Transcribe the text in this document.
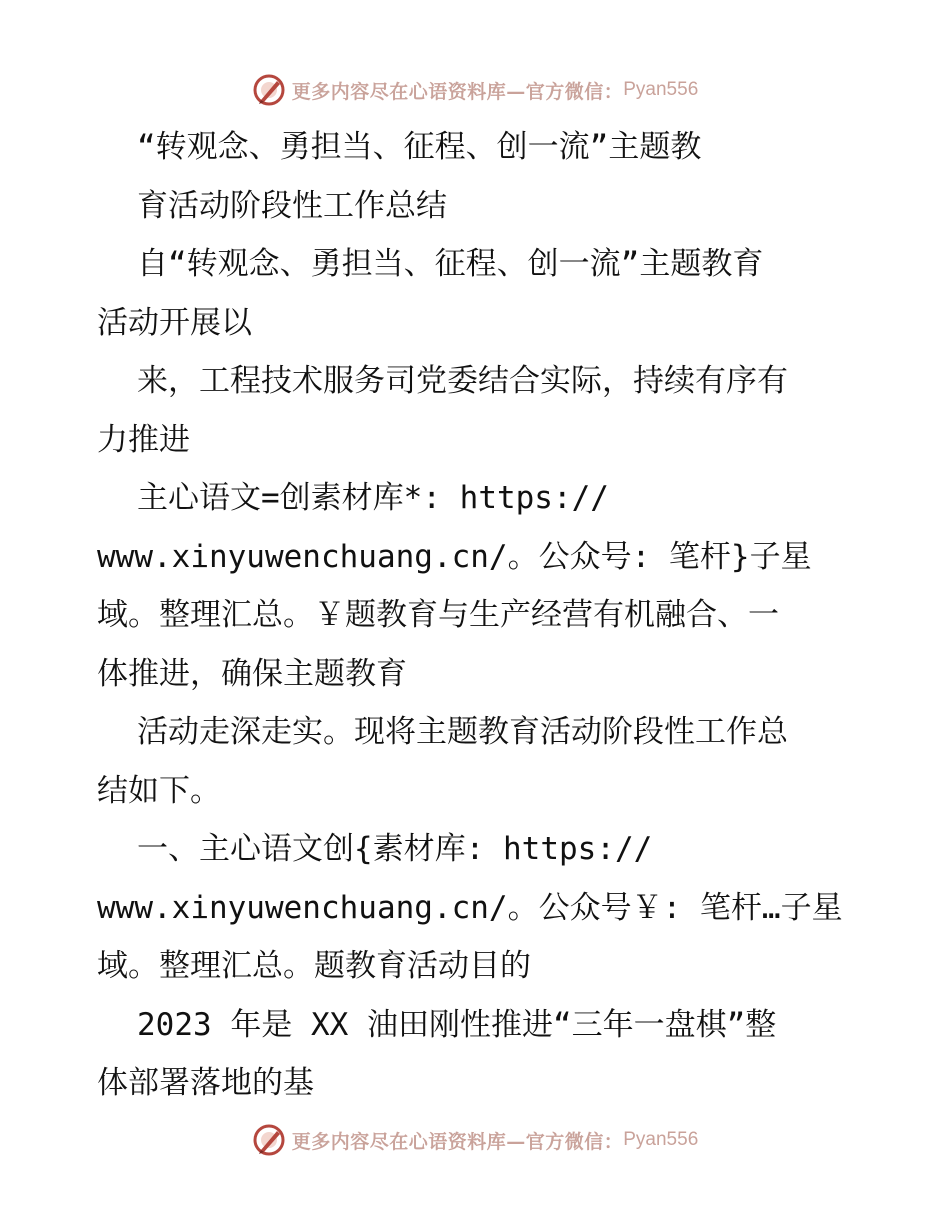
更多内容尽在心语资料库—官方微信： Pyan556
“转观念、勇担当、征程、创一流”主题教
育活动阶段性工作总结
自“转观念、勇担当、征程、创一流”主题教育
活动开展以
来，工程技术服务司党委结合实际，持续有序有
力推进
主心语文=创素材库*: https://
www.xinyuwenchuang.cn/。公众号: 笔杆}子星
域。整理汇总。￥题教育与生产经营有机融合、一
体推进，确保主题教育
活动走深走实。现将主题教育活动阶段性工作总
结如下。
一、主心语文创{素材库: https://
www.xinyuwenchuang.cn/。公众号￥: 笔杆…子星
域。整理汇总。题教育活动目的
2023 年是 XX 油田刚性推进“三年一盘棋”整
体部署落地的基
更多内容尽在心语资料库—官方微信： Pyan556
